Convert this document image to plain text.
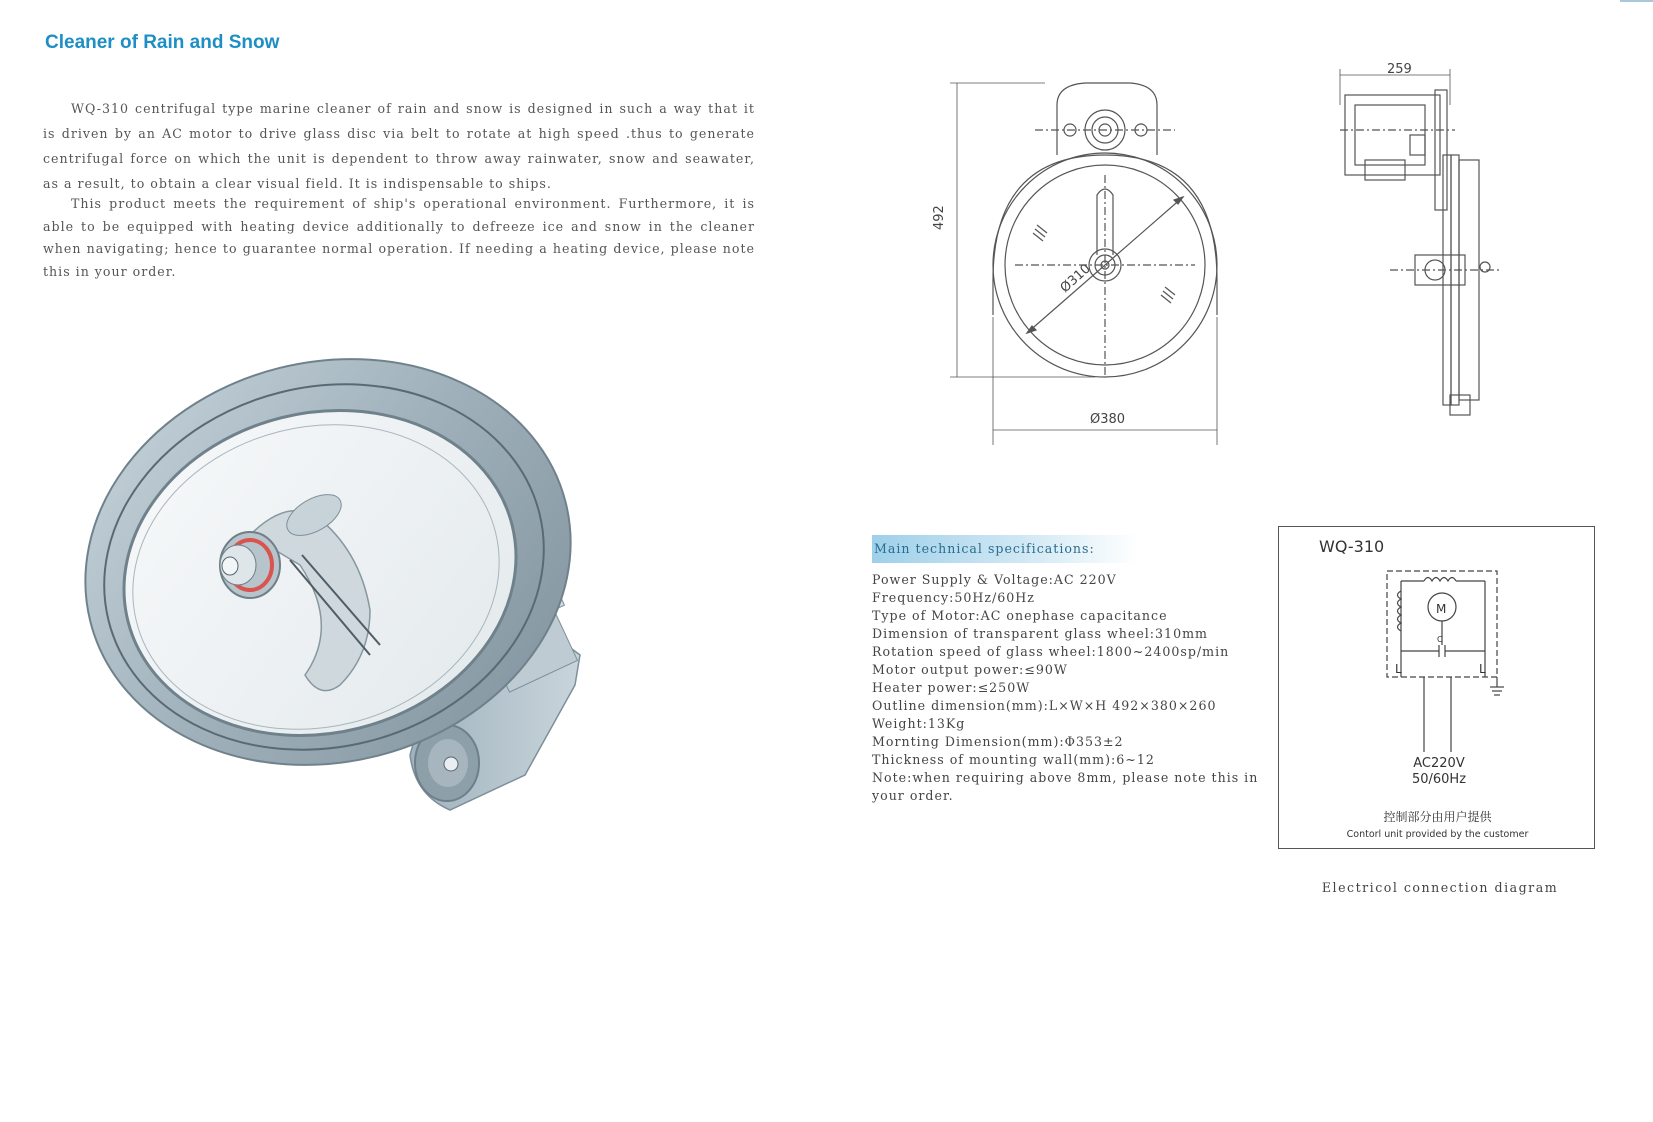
Cleaner of Rain and Snow

WQ-310 centrifugal type marine cleaner of rain and snow is designed in such a way that it is driven by an AC motor to drive glass disc via belt to rotate at high speed .thus to generate centrifugal force on which the unit is dependent to throw away rainwater, snow and seawater, as a result, to obtain a clear visual field. It is indispensable to ships.

This product meets the requirement of ship's operational environment. Furthermore, it is able to be equipped with heating device additionally to defreeze ice and snow in the cleaner when navigating; hence to guarantee normal operation. If needing a heating device, please note this in your order.

492
Ø380
Ø310
259
Main technical specifications:
Power Supply & Voltage:AC 220V
Frequency:50Hz/60Hz
Type of Motor:AC onephase capacitance
Dimension of transparent glass wheel:310mm
Rotation speed of glass wheel:1800~2400sp/min
Motor output power:≤90W
Heater power:≤250W
Outline dimension(mm):L×W×H 492×380×260
Weight:13Kg
Mornting Dimension(mm):Φ353±2
Thickness of mounting wall(mm):6~12
Note:when requiring above 8mm, please note this in your order.
WQ-310
M
C
L	L
AC220V
50/60Hz
控制部分由用户提供
Contorl unit provided by the customer
Electricol connection diagram
